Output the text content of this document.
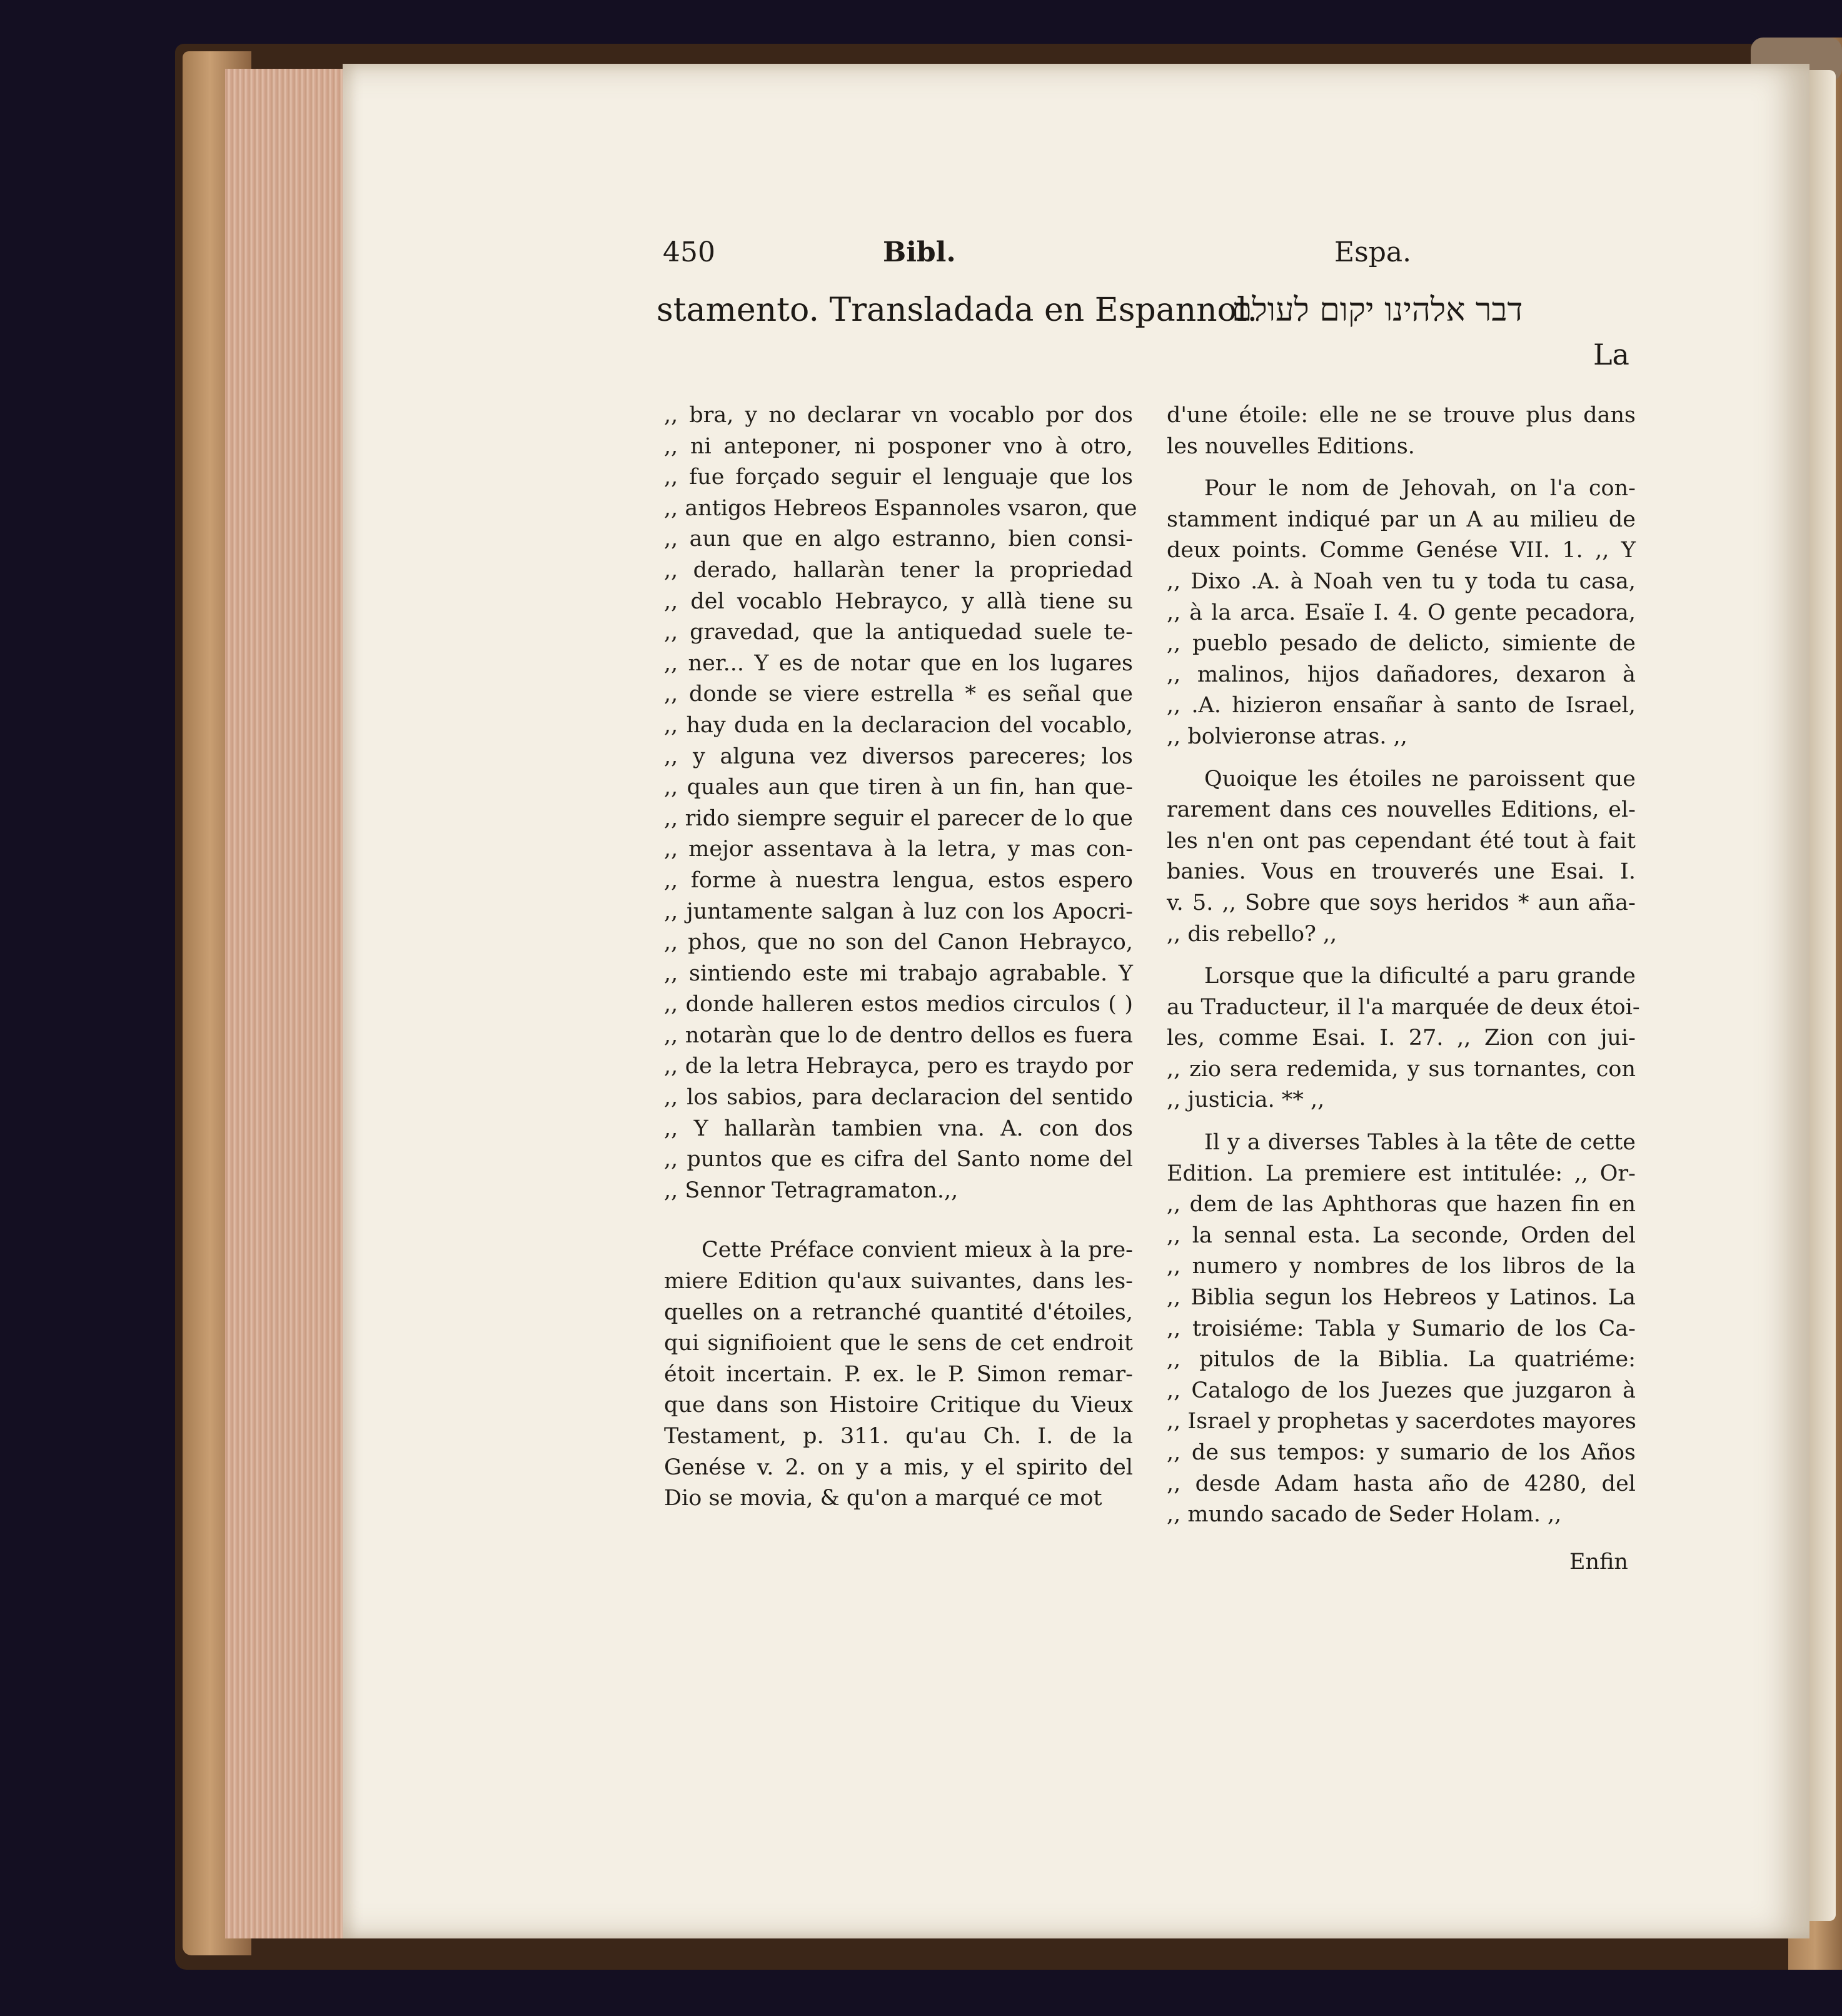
450	Bibl.	Espa.
stamento. Transladada en Espannol.
דבר אלהינו יקום לעולם
La
,, bra, y no declarar vn vocablo por dos
,, ni anteponer, ni posponer vno à otro,
,, fue forçado seguir el lenguaje que los
,, antigos Hebreos Espannoles vsaron, que
,, aun que en algo estranno, bien consi-
,, derado, hallaràn tener la propriedad
,, del vocablo Hebrayco, y allà tiene su
,, gravedad, que la antiquedad suele te-
,, ner... Y es de notar que en los lugares
,, donde se viere estrella * es señal que
,, hay duda en la declaracion del vocablo,
,, y alguna vez diversos pareceres; los
,, quales aun que tiren à un fin, han que-
,, rido siempre seguir el parecer de lo que
,, mejor assentava à la letra, y mas con-
,, forme à nuestra lengua, estos espero
,, juntamente salgan à luz con los Apocri-
,, phos, que no son del Canon Hebrayco,
,, sintiendo este mi trabajo agrabable. Y
,, donde halleren estos medios circulos ( )
,, notaràn que lo de dentro dellos es fuera
,, de la letra Hebrayca, pero es traydo por
,, los sabios, para declaracion del sentido
,, Y hallaràn tambien vna. A. con dos
,, puntos que es cifra del Santo nome del
,, Sennor Tetragramaton.,,
Cette Préface convient mieux à la pre-
miere Edition qu'aux suivantes, dans les-
quelles on a retranché quantité d'étoiles,
qui signifioient que le sens de cet endroit
étoit incertain. P. ex. le P. Simon remar-
que dans son Histoire Critique du Vieux
Testament, p. 311. qu'au Ch. I. de la
Genése v. 2. on y a mis, y el spirito del
Dio se movia, & qu'on a marqué ce mot
d'une étoile: elle ne se trouve plus dans
les nouvelles Editions.
Pour le nom de Jehovah, on l'a con-
stamment indiqué par un A au milieu de
deux points. Comme Genése VII. 1. ,, Y
,, Dixo .A. à Noah ven tu y toda tu casa,
,, à la arca. Esaïe I. 4. O gente pecadora,
,, pueblo pesado de delicto, simiente de
,, malinos, hijos dañadores, dexaron à
,, .A. hizieron ensañar à santo de Israel,
,, bolvieronse atras. ,,
Quoique les étoiles ne paroissent que
rarement dans ces nouvelles Editions, el-
les n'en ont pas cependant été tout à fait
banies. Vous en trouverés une Esai. I.
v. 5. ,, Sobre que soys heridos * aun aña-
,, dis rebello? ,,
Lorsque que la dificulté a paru grande
au Traducteur, il l'a marquée de deux étoi-
les, comme Esai. I. 27. ,, Zion con jui-
,, zio sera redemida, y sus tornantes, con
,, justicia. ** ,,
Il y a diverses Tables à la tête de cette
Edition. La premiere est intitulée: ,, Or-
,, dem de las Aphthoras que hazen fin en
,, la sennal esta. La seconde, Orden del
,, numero y nombres de los libros de la
,, Biblia segun los Hebreos y Latinos. La
,, troisiéme: Tabla y Sumario de los Ca-
,, pitulos de la Biblia. La quatriéme:
,, Catalogo de los Juezes que juzgaron à
,, Israel y prophetas y sacerdotes mayores
,, de sus tempos: y sumario de los Años
,, desde Adam hasta año de 4280, del
,, mundo sacado de Seder Holam. ,,
Enfin
